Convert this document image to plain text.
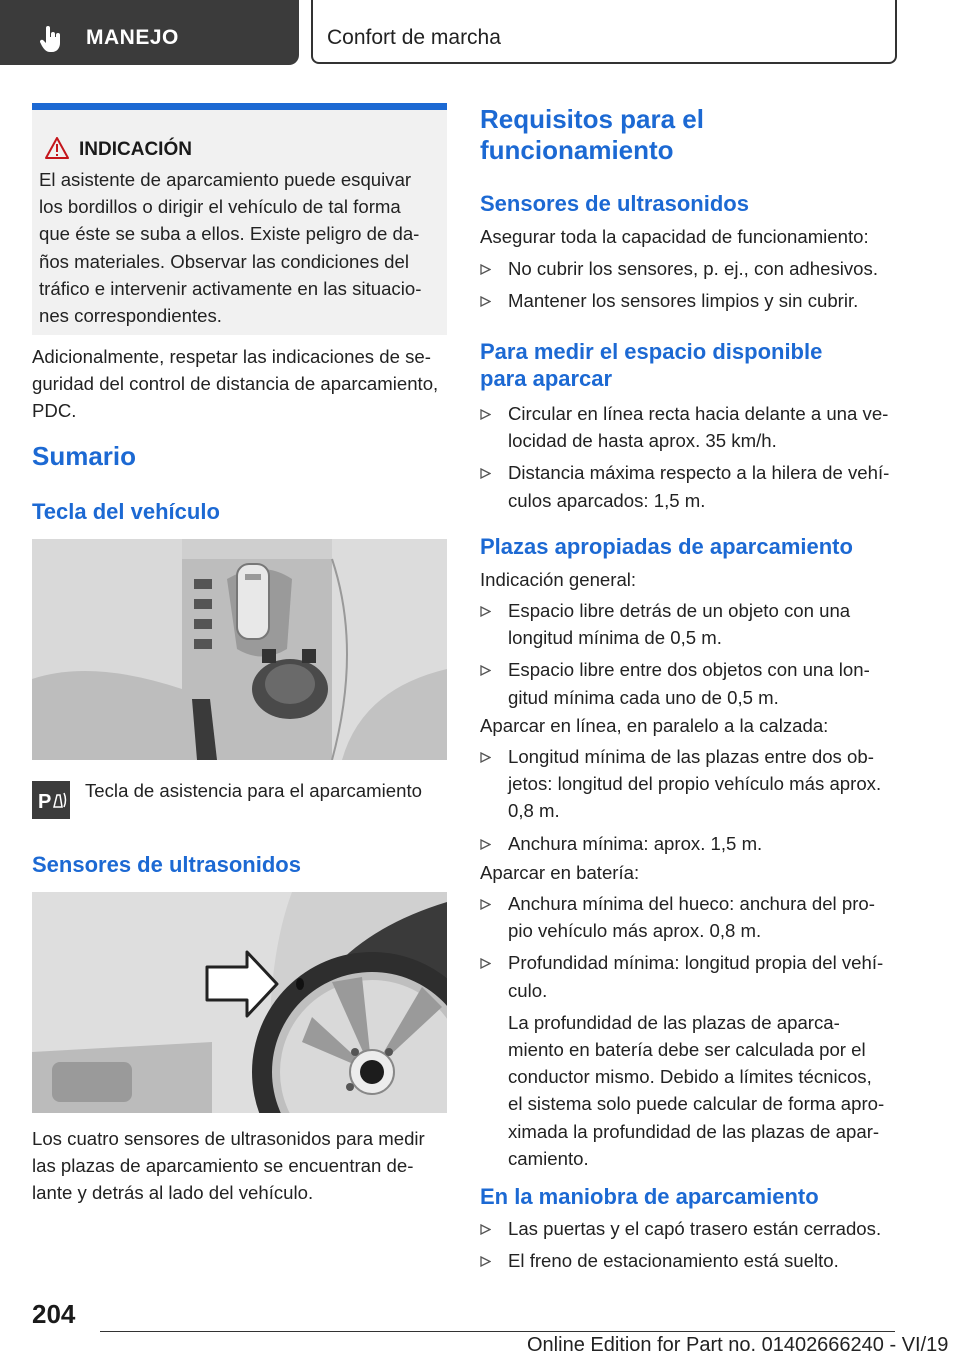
MANEJO	Confort de marcha
INDICACIÓN
El asistente de aparcamiento puede esquivar
los bordillos o dirigir el vehículo de tal forma
que éste se suba a ellos. Existe peligro de da-
ños materiales. Observar las condiciones del
tráfico e intervenir activamente en las situacio-
nes correspondientes.
Adicionalmente, respetar las indicaciones de se-
guridad del control de distancia de aparcamiento,
PDC.
Sumario
Tecla del vehículo
P
Tecla de asistencia para el aparcamiento
Sensores de ultrasonidos
Los cuatro sensores de ultrasonidos para medir
las plazas de aparcamiento se encuentran de-
lante y detrás al lado del vehículo.
Requisitos para el
funcionamiento
Sensores de ultrasonidos
Asegurar toda la capacidad de funcionamiento:
No cubrir los sensores, p. ej., con adhesivos.
Mantener los sensores limpios y sin cubrir.
Para medir el espacio disponible
para aparcar
Circular en línea recta hacia delante a una ve-
locidad de hasta aprox. 35 km/h.
Distancia máxima respecto a la hilera de vehí-
culos aparcados: 1,5 m.
Plazas apropiadas de aparcamiento
Indicación general:
Espacio libre detrás de un objeto con una
longitud mínima de 0,5 m.
Espacio libre entre dos objetos con una lon-
gitud mínima cada uno de 0,5 m.
Aparcar en línea, en paralelo a la calzada:
Longitud mínima de las plazas entre dos ob-
jetos: longitud del propio vehículo más aprox.
0,8 m.
Anchura mínima: aprox. 1,5 m.
Aparcar en batería:
Anchura mínima del hueco: anchura del pro-
pio vehículo más aprox. 0,8 m.
Profundidad mínima: longitud propia del vehí-
culo.
La profundidad de las plazas de aparca-
miento en batería debe ser calculada por el
conductor mismo. Debido a límites técnicos,
el sistema solo puede calcular de forma apro-
ximada la profundidad de las plazas de apar-
camiento.
En la maniobra de aparcamiento
Las puertas y el capó trasero están cerrados.
El freno de estacionamiento está suelto.
204
Online Edition for Part no. 01402666240 - VI/19
